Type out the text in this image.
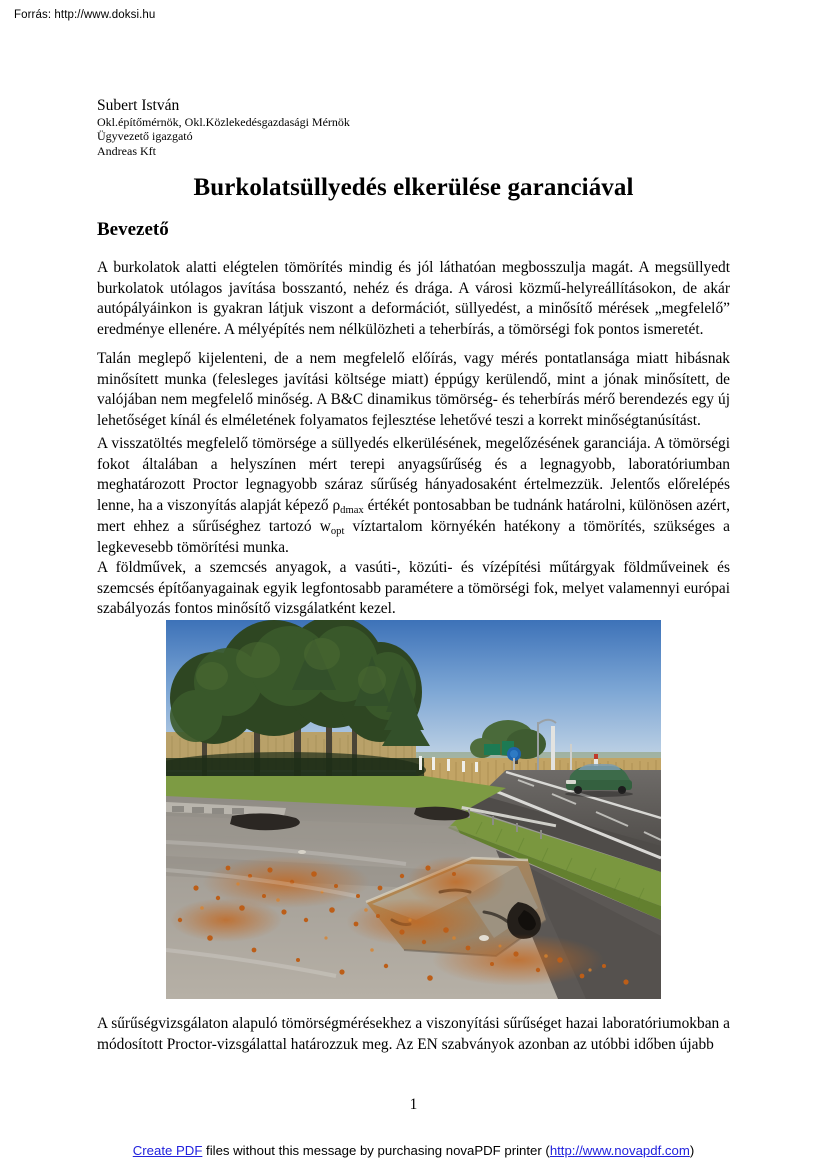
Forrás: http://www.doksi.hu
Subert István
Okl.építőmérnök, Okl.Közlekedésgazdasági Mérnök
Ügyvezető igazgató
Andreas Kft
Burkolatsüllyedés elkerülése garanciával
Bevezető

A burkolatok alatti elégtelen tömörítés mindig és jól láthatóan megbosszulja magát. A megsüllyedt burkolatok utólagos javítása bosszantó, nehéz és drága. A városi közmű-helyreállításokon, de akár autópályáinkon is gyakran látjuk viszont a deformációt, süllyedést, a minősítő mérések „megfelelő” eredménye ellenére. A mélyépítés nem nélkülözheti a teherbírás, a tömörségi fok pontos ismeretét.

Talán meglepő kijelenteni, de a nem megfelelő előírás, vagy mérés pontatlansága miatt hibásnak minősített munka (felesleges javítási költsége miatt) éppúgy kerülendő, mint a jónak minősített, de valójában nem megfelelő minőség. A B&C dinamikus tömörség- és teherbírás mérő berendezés egy új lehetőséget kínál és elméletének folyamatos fejlesztése lehetővé teszi a korrekt minőségtanúsítást.

A visszatöltés megfelelő tömörsége a süllyedés elkerülésének, megelőzésének garanciája. A tömörségi fokot általában a helyszínen mért terepi anyagsűrűség és a legnagyobb, laboratóriumban meghatározott Proctor legnagyobb száraz sűrűség hányadosaként értelmezzük. Jelentős előrelépés lenne, ha a viszonyítás alapját képező $\rho_{dmax}$ értékét pontosabban be tudnánk határolni, különösen azért, mert ehhez a sűrűséghez tartozó $w_{opt}$ víztartalom környékén hatékony a tömörítés, szükséges a legkevesebb tömörítési munka.

A földművek, a szemcsés anyagok, a vasúti-, közúti- és vízépítési műtárgyak földműveinek és szemcsés építőanyagainak egyik legfontosabb paramétere a tömörségi fok, melyet valamennyi európai szabályozás fontos minősítő vizsgálatként kezel.

A sűrűségvizsgálaton alapuló tömörségmérésekhez a viszonyítási sűrűséget hazai laboratóriumokban a módosított Proctor-vizsgálattal határozzuk meg. Az EN szabványok azonban az utóbbi időben újabb

1
Create PDF files without this message by purchasing novaPDF printer (http://www.novapdf.com)
